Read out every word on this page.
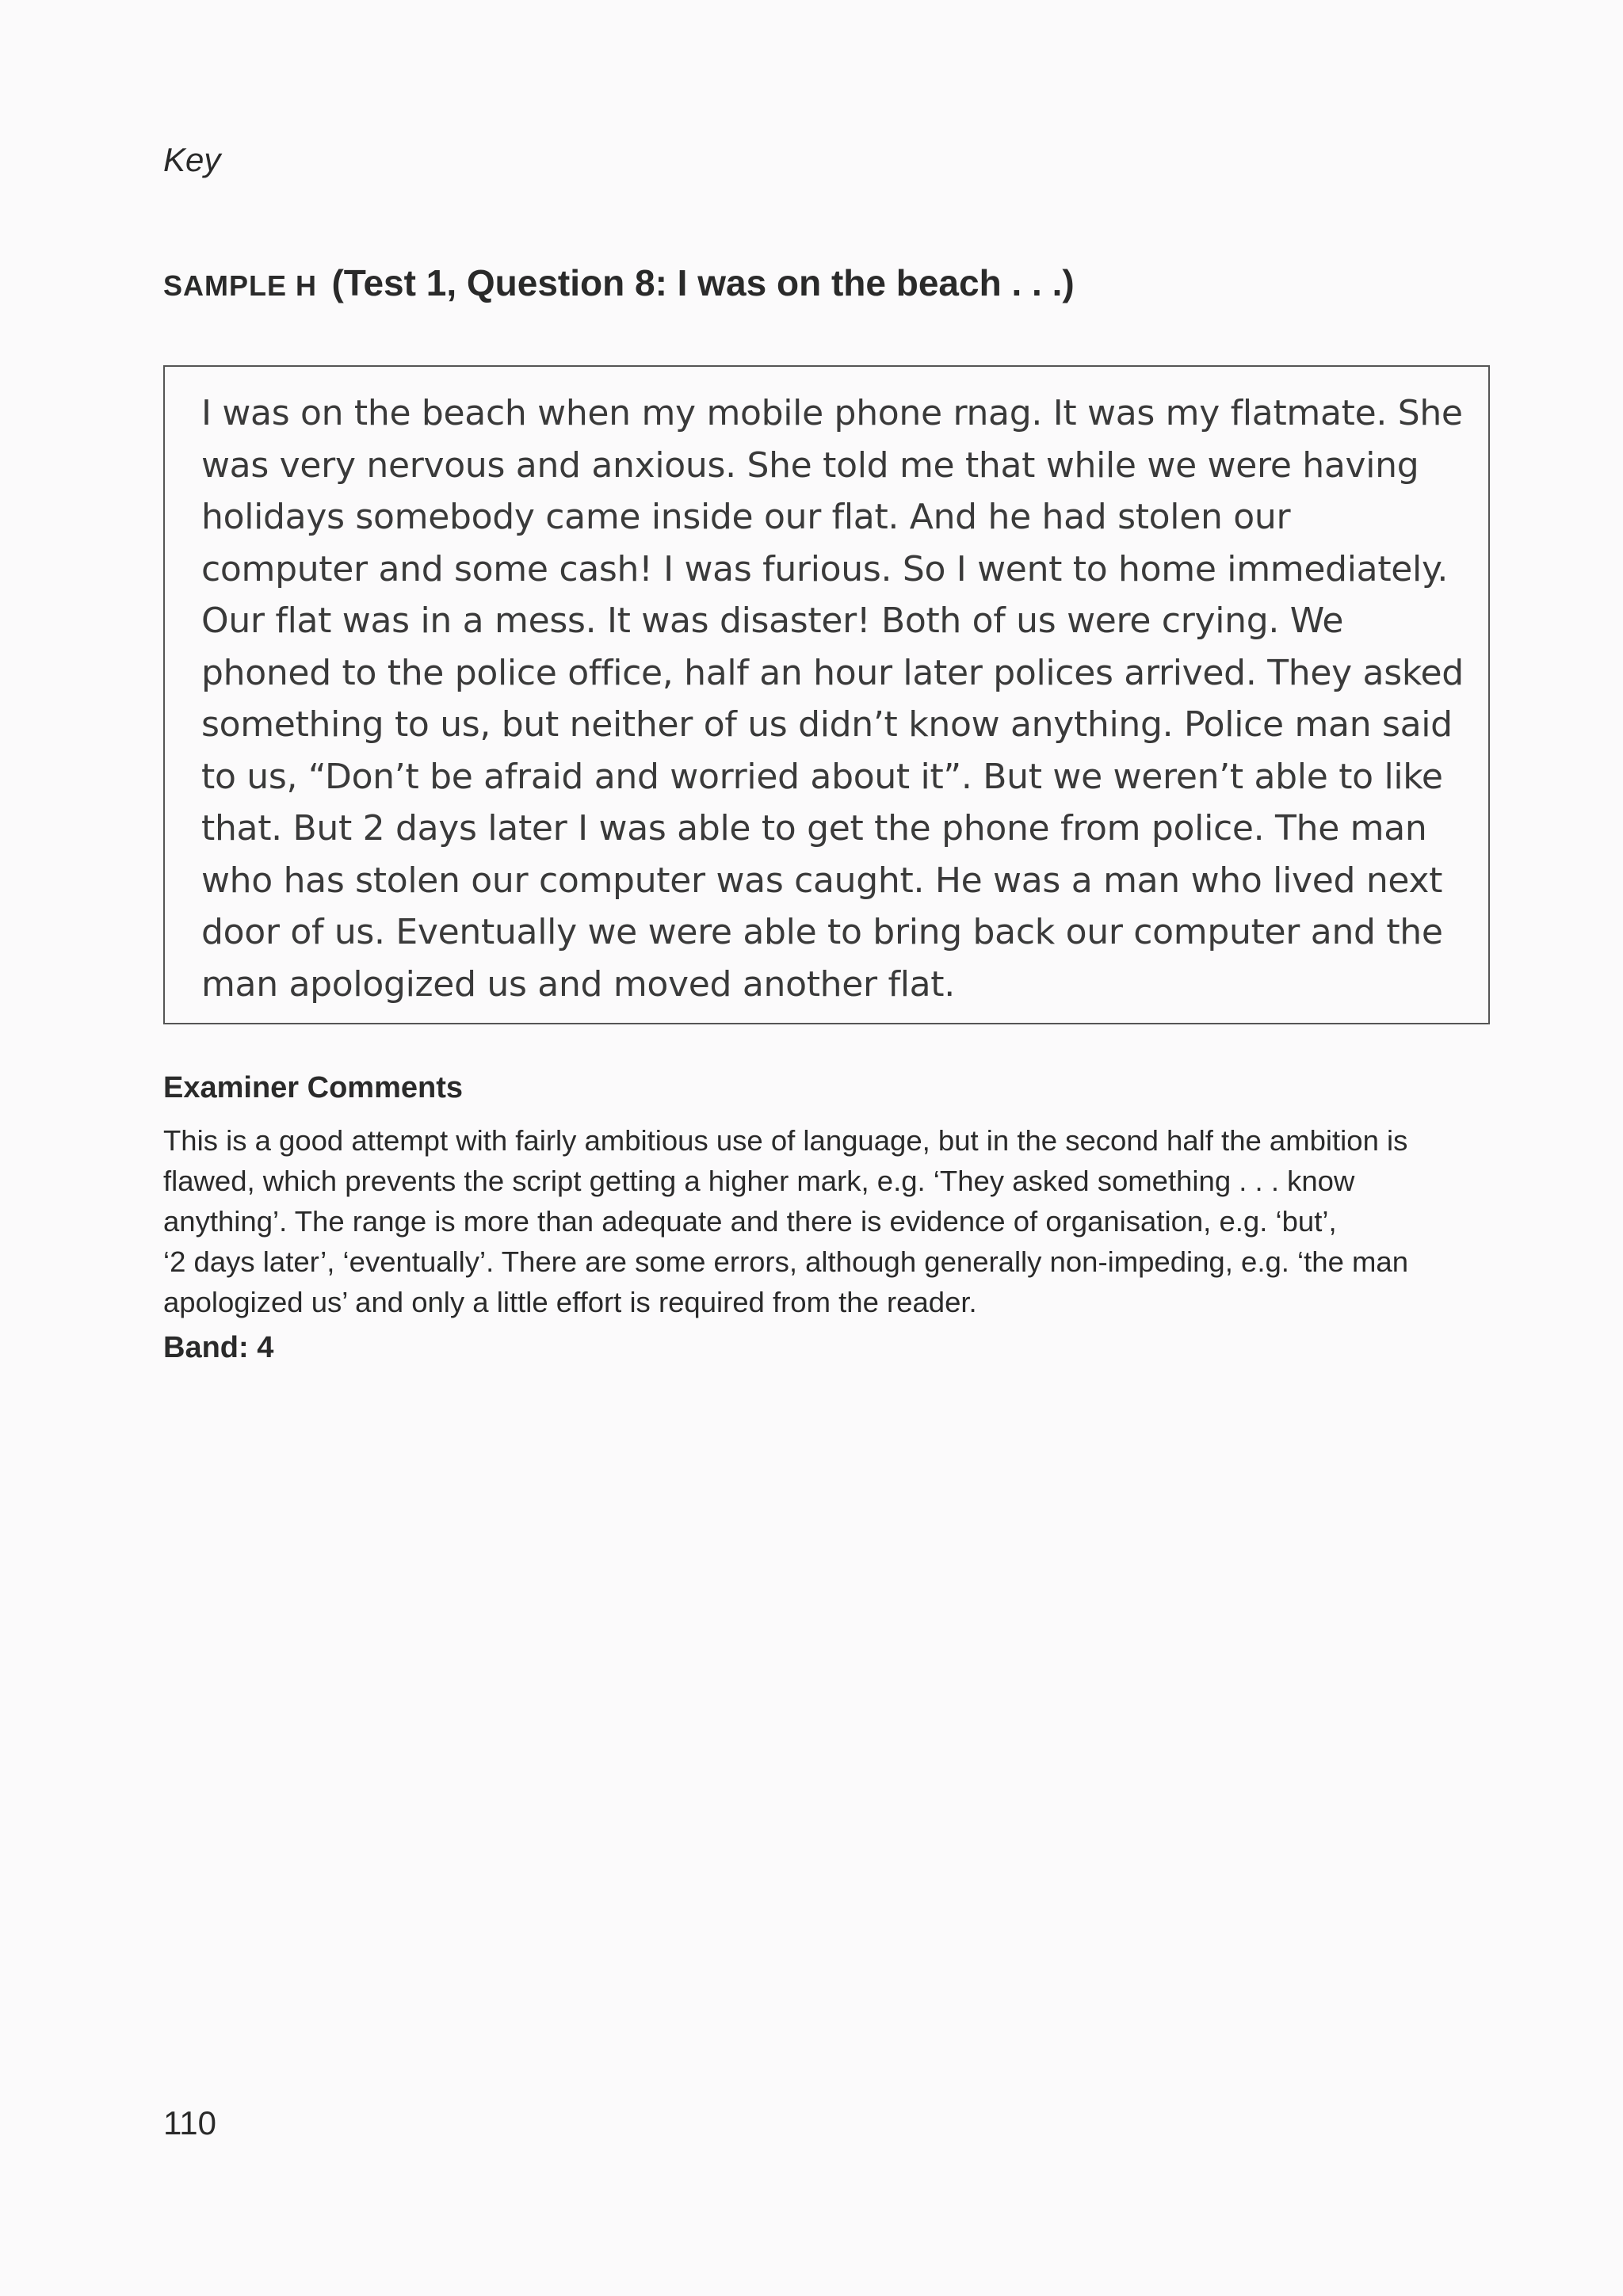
Key
SAMPLE H (Test 1, Question 8: I was on the beach . . .)
I was on the beach when my mobile phone rnag. It was my flatmate. She
was very nervous and anxious. She told me that while we were having
holidays somebody came inside our flat. And he had stolen our
computer and some cash! I was furious. So I went to home immediately.
Our flat was in a mess. It was disaster! Both of us were crying. We
phoned to the police office, half an hour later polices arrived. They asked
something to us, but neither of us didn’t know anything. Police man said
to us, “Don’t be afraid and worried about it”. But we weren’t able to like
that. But 2 days later I was able to get the phone from police. The man
who has stolen our computer was caught. He was a man who lived next
door of us. Eventually we were able to bring back our computer and the
man apologized us and moved another flat.
Examiner Comments
This is a good attempt with fairly ambitious use of language, but in the second half the ambition is
flawed, which prevents the script getting a higher mark, e.g. ‘They asked something . . . know
anything’. The range is more than adequate and there is evidence of organisation, e.g. ‘but’,
‘2 days later’, ‘eventually’. There are some errors, although generally non-impeding, e.g. ‘the man
apologized us’ and only a little effort is required from the reader.
Band: 4
110
